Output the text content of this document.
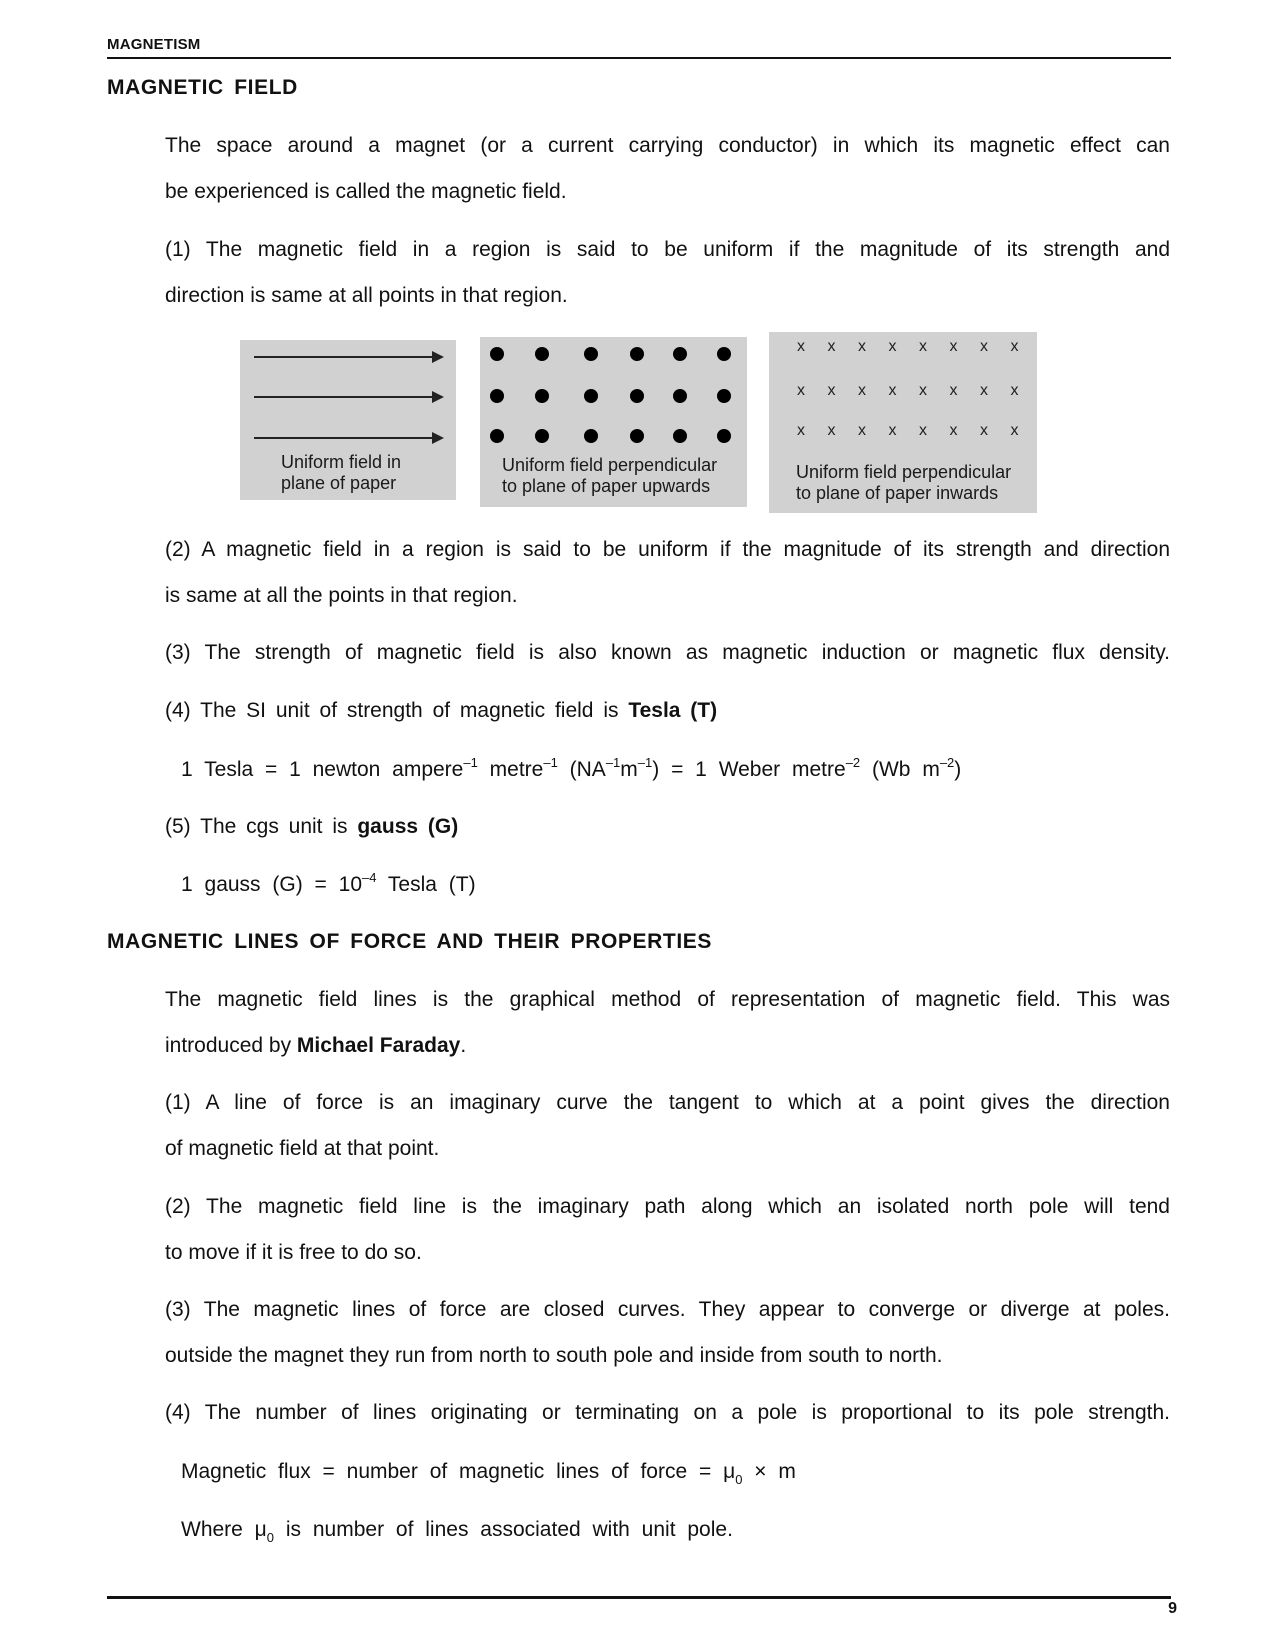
MAGNETISM
MAGNETIC FIELD
The space around a magnet (or a current carrying conductor) in which its magnetic effect can
be experienced is called the magnetic field.
(1) The magnetic field in a region is said to be uniform if the magnitude of its strength and
direction is same at all points in that region.
Uniform field in
plane of paper
Uniform field perpendicular
to plane of paper upwards
x x x x x x x x
x x x x x x x x
x x x x x x x x
Uniform field perpendicular
to plane of paper inwards
(2) A magnetic field in a region is said to be uniform if the magnitude of its strength and direction
is same at all the points in that region.
(3) The strength of magnetic field is also known as magnetic induction or magnetic flux density.
(4) The SI unit of strength of magnetic field is Tesla (T)
1 Tesla = 1 newton ampere$^{-1}$ metre$^{-1}$ $(NA^{-1}m^{-1}) = 1$ Weber metre$^{-2}$ (Wb $m^{-2}$)
(5) The cgs unit is gauss (G)
1 gauss $(G) = 10^{-4}$ Tesla (T)
MAGNETIC LINES OF FORCE AND THEIR PROPERTIES
The magnetic field lines is the graphical method of representation of magnetic field. This was
introduced by Michael Faraday.
(1) A line of force is an imaginary curve the tangent to which at a point gives the direction
of magnetic field at that point.
(2) The magnetic field line is the imaginary path along which an isolated north pole will tend
to move if it is free to do so.
(3) The magnetic lines of force are closed curves. They appear to converge or diverge at poles.
outside the magnet they run from north to south pole and inside from south to north.
(4) The number of lines originating or terminating on a pole is proportional to its pole strength.
Magnetic flux = number of magnetic lines of force = $\mu_0 \times m$
Where $\mu_0$ is number of lines associated with unit pole.
9
